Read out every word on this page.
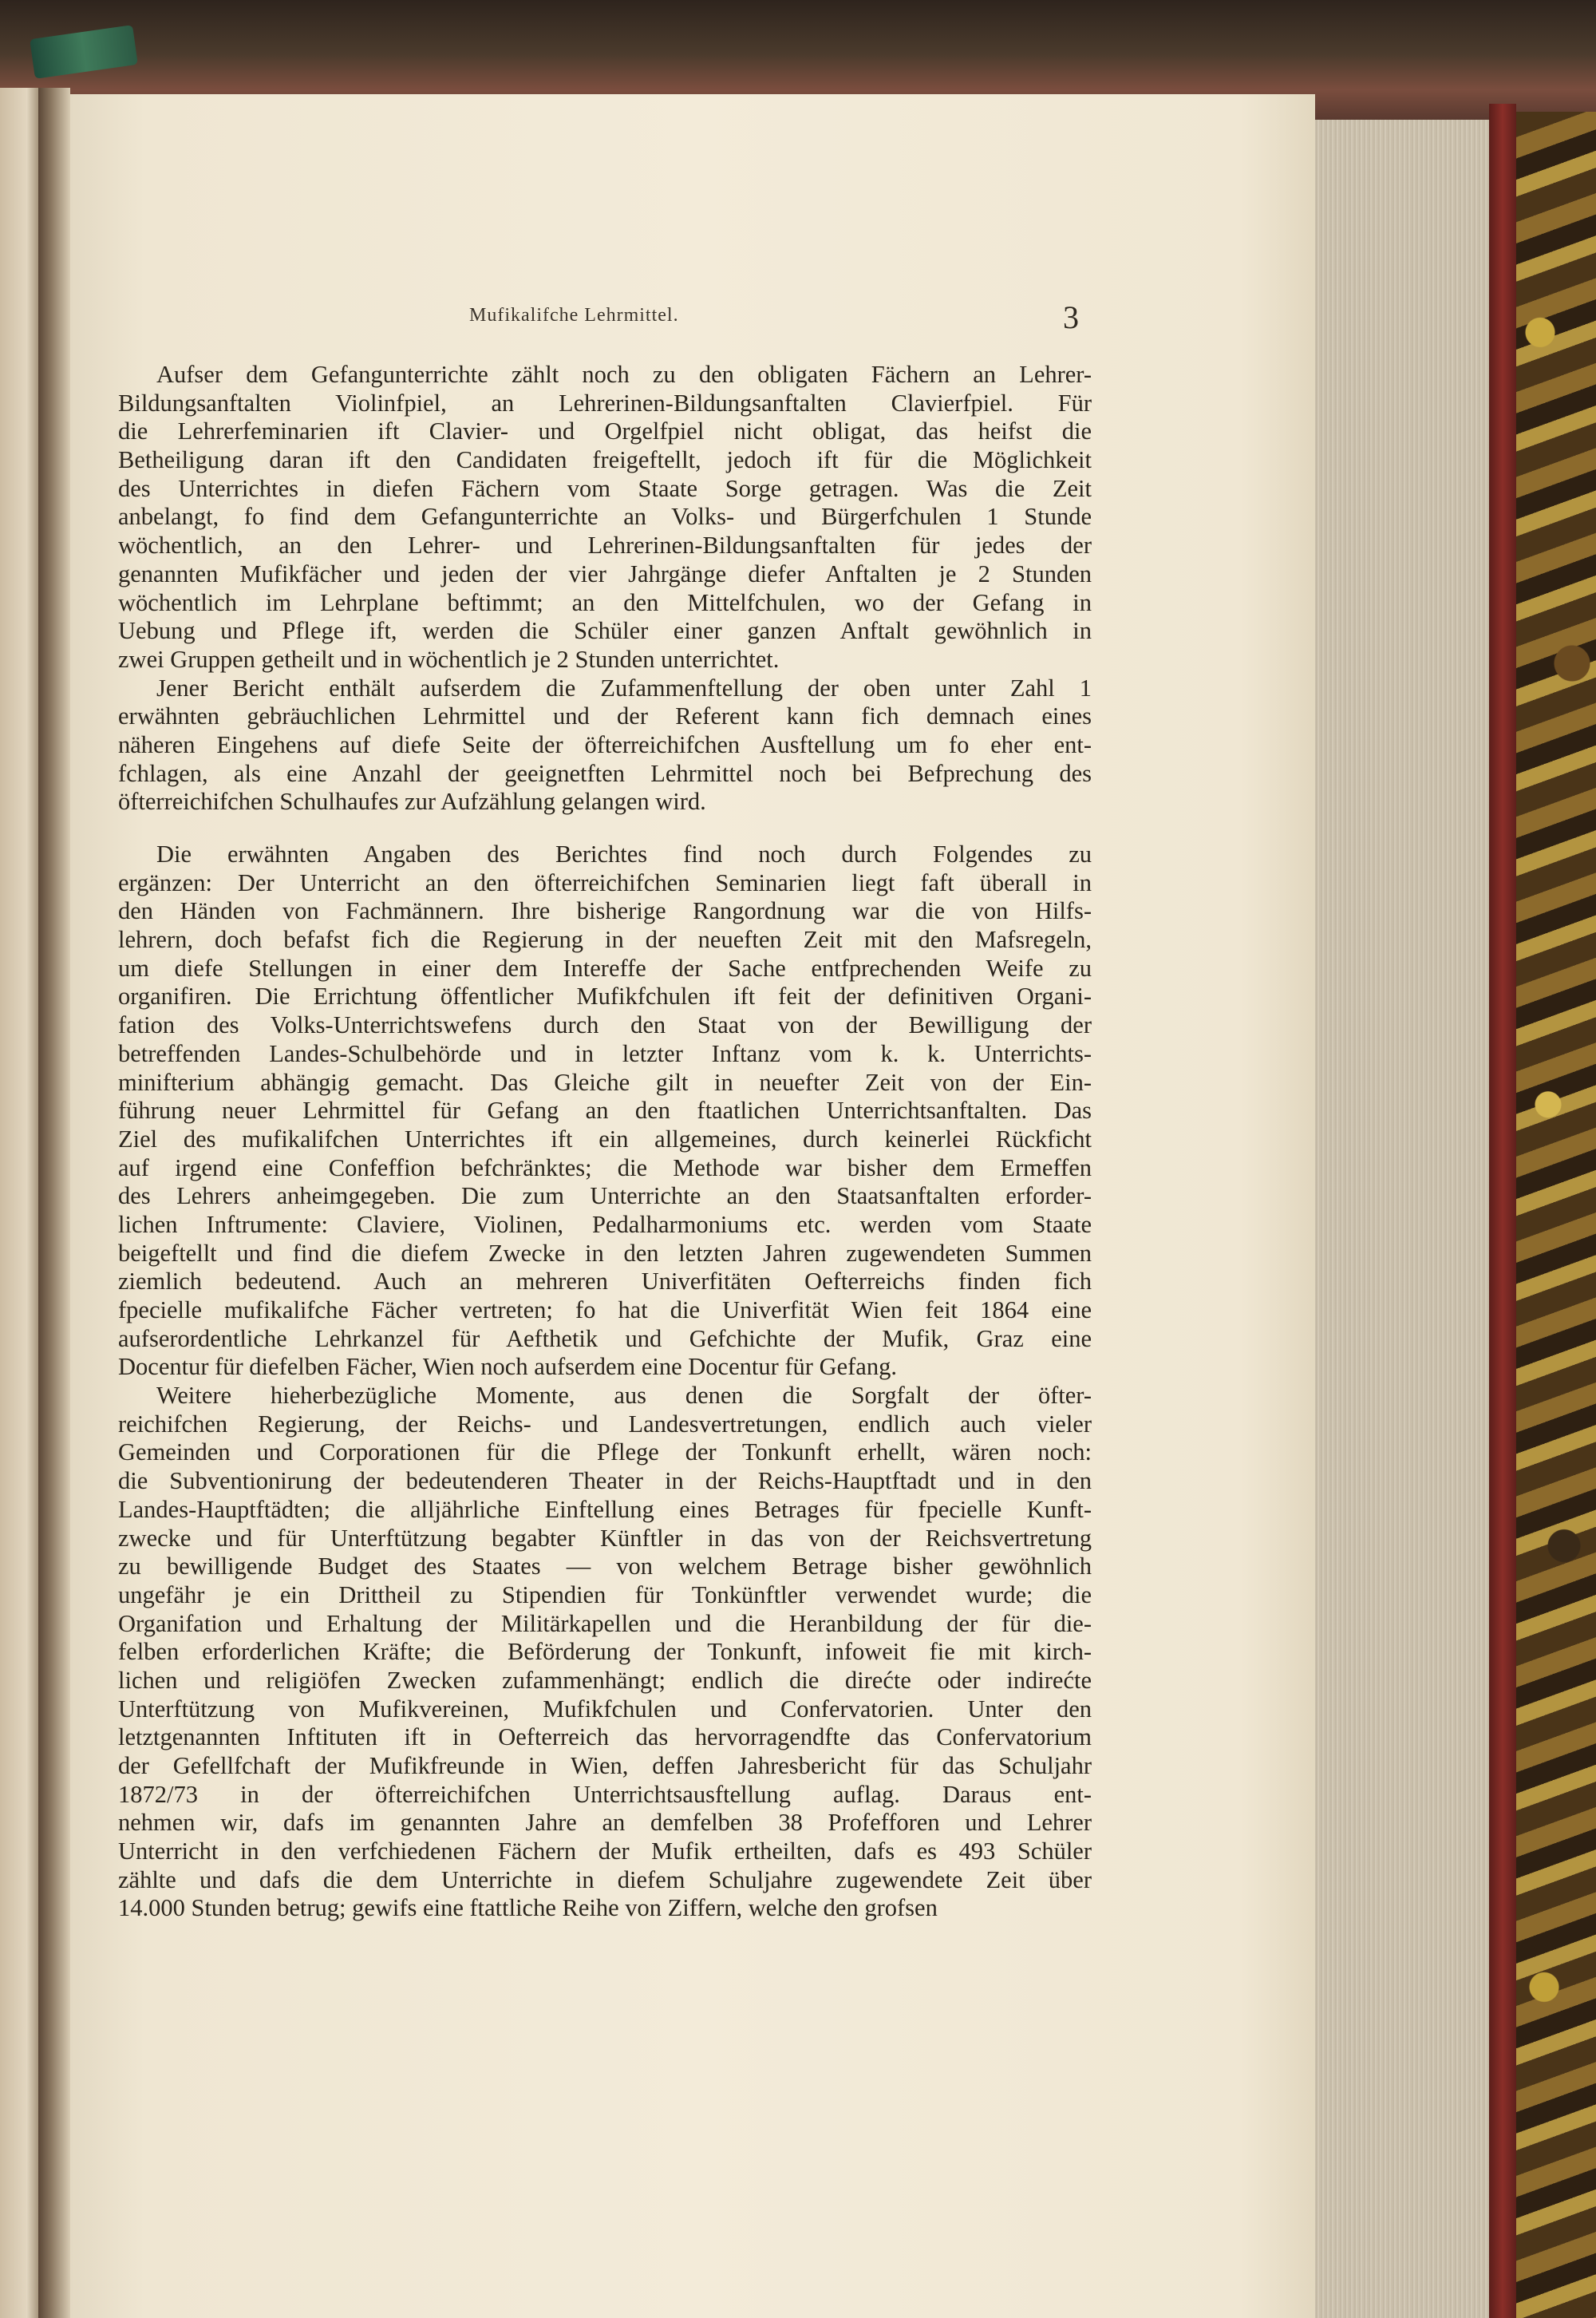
Mufikalifche Lehrmittel.	3
Aufser dem Gefangunterrichte zählt noch zu den obligaten Fächern an Lehrer-
Bildungsanftalten Violinfpiel, an Lehrerinen-Bildungsanftalten Clavierfpiel. Für
die Lehrerfeminarien ift Clavier- und Orgelfpiel nicht obligat, das heifst die
Betheiligung daran ift den Candidaten freigeftellt, jedoch ift für die Möglichkeit
des Unterrichtes in diefen Fächern vom Staate Sorge getragen. Was die Zeit
anbelangt, fo find dem Gefangunterrichte an Volks- und Bürgerfchulen 1 Stunde
wöchentlich, an den Lehrer- und Lehrerinen-Bildungsanftalten für jedes der
genannten Mufikfächer und jeden der vier Jahrgänge diefer Anftalten je 2 Stunden
wöchentlich im Lehrplane beftimmt; an den Mittelfchulen, wo der Gefang in
Uebung und Pflege ift, werden die Schüler einer ganzen Anftalt gewöhnlich in
zwei Gruppen getheilt und in wöchentlich je 2 Stunden unterrichtet.
Jener Bericht enthält aufserdem die Zufammenftellung der oben unter Zahl 1
erwähnten gebräuchlichen Lehrmittel und der Referent kann fich demnach eines
näheren Eingehens auf diefe Seite der öfterreichifchen Ausftellung um fo eher ent-
fchlagen, als eine Anzahl der geeignetften Lehrmittel noch bei Befprechung des
öfterreichifchen Schulhaufes zur Aufzählung gelangen wird.
Die erwähnten Angaben des Berichtes find noch durch Folgendes zu
ergänzen: Der Unterricht an den öfterreichifchen Seminarien liegt faft überall in
den Händen von Fachmännern. Ihre bisherige Rangordnung war die von Hilfs-
lehrern, doch befafst fich die Regierung in der neueften Zeit mit den Mafsregeln,
um diefe Stellungen in einer dem Intereffe der Sache entfprechenden Weife zu
organifiren. Die Errichtung öffentlicher Mufikfchulen ift feit der definitiven Organi-
fation des Volks-Unterrichtswefens durch den Staat von der Bewilligung der
betreffenden Landes-Schulbehörde und in letzter Inftanz vom k. k. Unterrichts-
minifterium abhängig gemacht. Das Gleiche gilt in neuefter Zeit von der Ein-
führung neuer Lehrmittel für Gefang an den ftaatlichen Unterrichtsanftalten. Das
Ziel des mufikalifchen Unterrichtes ift ein allgemeines, durch keinerlei Rückficht
auf irgend eine Confeffion befchränktes; die Methode war bisher dem Ermeffen
des Lehrers anheimgegeben. Die zum Unterrichte an den Staatsanftalten erforder-
lichen Inftrumente: Claviere, Violinen, Pedalharmoniums etc. werden vom Staate
beigeftellt und find die diefem Zwecke in den letzten Jahren zugewendeten Summen
ziemlich bedeutend. Auch an mehreren Univerfitäten Oefterreichs finden fich
fpecielle mufikalifche Fächer vertreten; fo hat die Univerfität Wien feit 1864 eine
aufserordentliche Lehrkanzel für Aefthetik und Gefchichte der Mufik, Graz eine
Docentur für diefelben Fächer, Wien noch aufserdem eine Docentur für Gefang.
Weitere hieherbezügliche Momente, aus denen die Sorgfalt der öfter-
reichifchen Regierung, der Reichs- und Landesvertretungen, endlich auch vieler
Gemeinden und Corporationen für die Pflege der Tonkunft erhellt, wären noch:
die Subventionirung der bedeutenderen Theater in der Reichs-Hauptftadt und in den
Landes-Hauptftädten; die alljährliche Einftellung eines Betrages für fpecielle Kunft-
zwecke und für Unterftützung begabter Künftler in das von der Reichsvertretung
zu bewilligende Budget des Staates — von welchem Betrage bisher gewöhnlich
ungefähr je ein Drittheil zu Stipendien für Tonkünftler verwendet wurde; die
Organifation und Erhaltung der Militärkapellen und die Heranbildung der für die-
felben erforderlichen Kräfte; die Beförderung der Tonkunft, infoweit fie mit kirch-
lichen und religiöfen Zwecken zufammenhängt; endlich die direćte oder indirećte
Unterftützung von Mufikvereinen, Mufikfchulen und Confervatorien. Unter den
letztgenannten Inftituten ift in Oefterreich das hervorragendfte das Confervatorium
der Gefellfchaft der Mufikfreunde in Wien, deffen Jahresbericht für das Schuljahr
1872/73 in der öfterreichifchen Unterrichtsausftellung auflag. Daraus ent-
nehmen wir, dafs im genannten Jahre an demfelben 38 Profefforen und Lehrer
Unterricht in den verfchiedenen Fächern der Mufik ertheilten, dafs es 493 Schüler
zählte und dafs die dem Unterrichte in diefem Schuljahre zugewendete Zeit über
14.000 Stunden betrug; gewifs eine ftattliche Reihe von Ziffern, welche den grofsen
